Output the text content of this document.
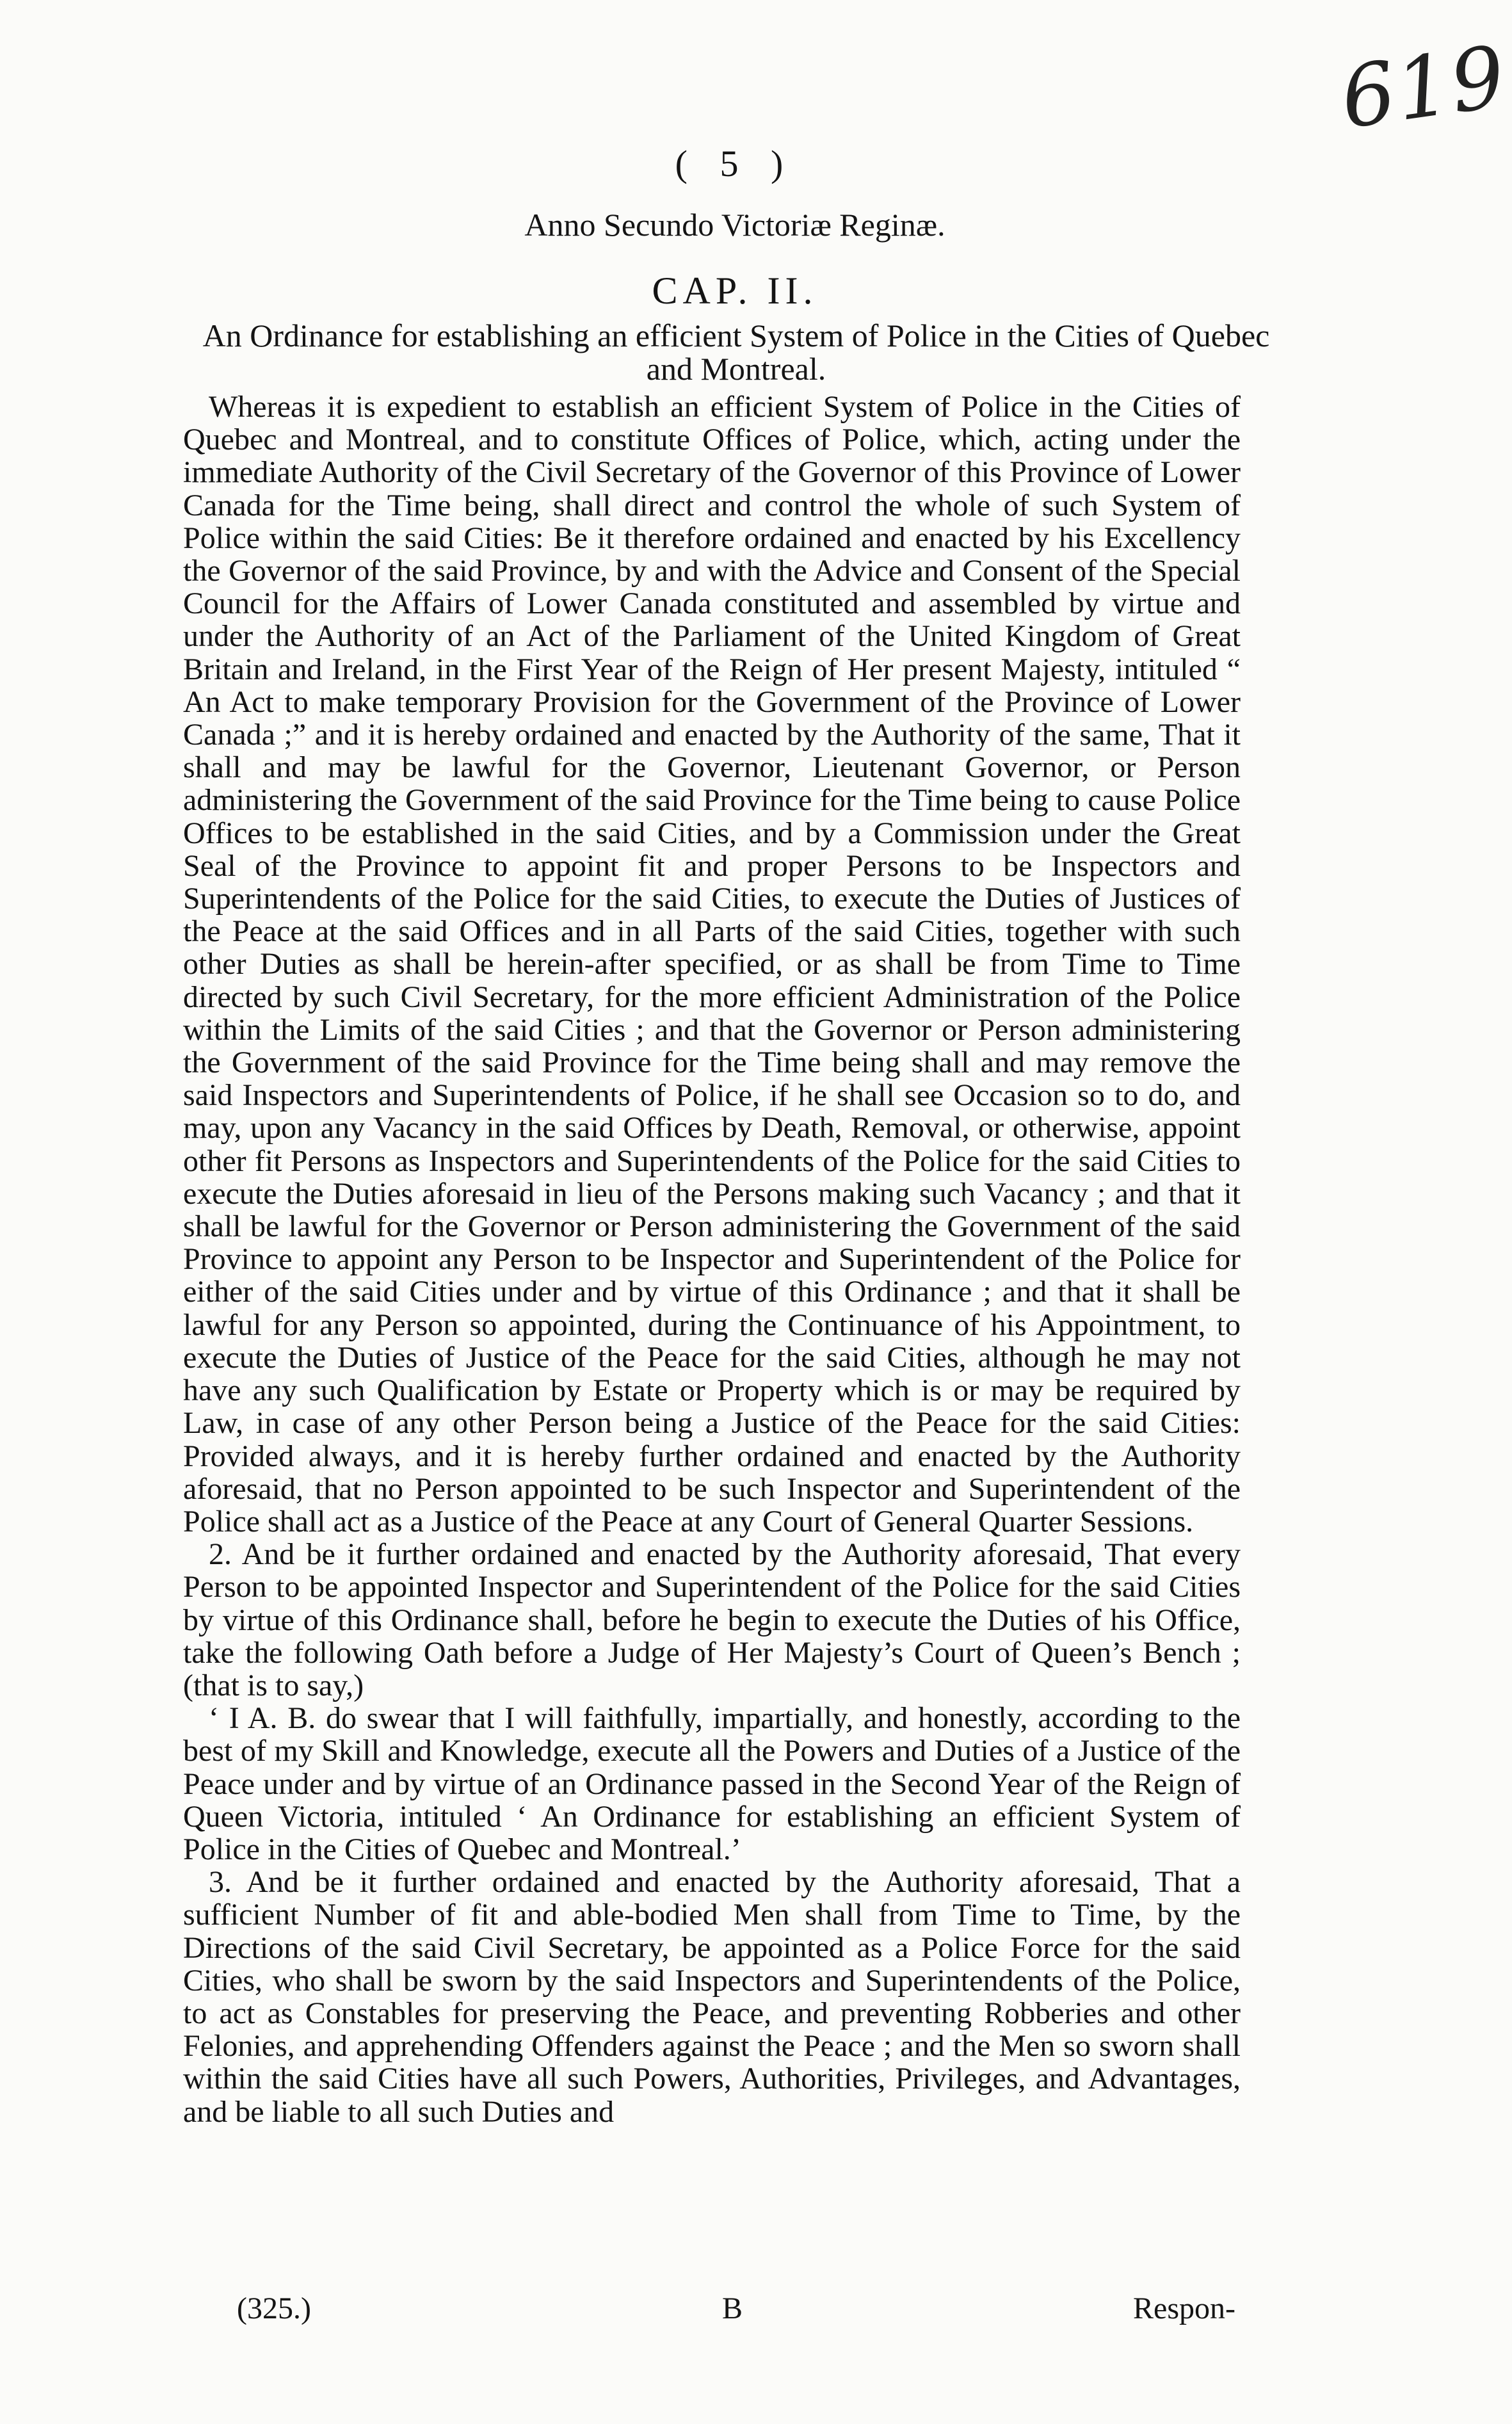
619
( 5 )
Anno Secundo Victoriæ Reginæ.
CAP. II.
An Ordinance for establishing an efficient System of Police in the Cities of Quebec and Montreal.

Whereas it is expedient to establish an efficient System of Police in the Cities of Quebec and Montreal, and to constitute Offices of Police, which, acting under the immediate Authority of the Civil Secretary of the Governor of this Province of Lower Canada for the Time being, shall direct and control the whole of such System of Police within the said Cities: Be it therefore ordained and enacted by his Excellency the Governor of the said Province, by and with the Advice and Consent of the Special Council for the Affairs of Lower Canada constituted and assembled by virtue and under the Authority of an Act of the Parliament of the United Kingdom of Great Britain and Ireland, in the First Year of the Reign of Her present Majesty, intituled “ An Act to make temporary Provision for the Government of the Province of Lower Canada ;” and it is hereby ordained and enacted by the Authority of the same, That it shall and may be lawful for the Governor, Lieutenant Governor, or Person administering the Government of the said Province for the Time being to cause Police Offices to be established in the said Cities, and by a Commission under the Great Seal of the Province to appoint fit and proper Persons to be Inspectors and Superintendents of the Police for the said Cities, to execute the Duties of Justices of the Peace at the said Offices and in all Parts of the said Cities, together with such other Duties as shall be herein-after specified, or as shall be from Time to Time directed by such Civil Secretary, for the more efficient Administration of the Police within the Limits of the said Cities ; and that the Governor or Person administering the Government of the said Province for the Time being shall and may remove the said Inspectors and Superintendents of Police, if he shall see Occasion so to do, and may, upon any Vacancy in the said Offices by Death, Removal, or otherwise, appoint other fit Persons as Inspectors and Superintendents of the Police for the said Cities to execute the Duties aforesaid in lieu of the Persons making such Vacancy ; and that it shall be lawful for the Governor or Person administering the Government of the said Province to appoint any Person to be Inspector and Superintendent of the Police for either of the said Cities under and by virtue of this Ordinance ; and that it shall be lawful for any Person so appointed, during the Continuance of his Appointment, to execute the Duties of Justice of the Peace for the said Cities, although he may not have any such Qualification by Estate or Property which is or may be required by Law, in case of any other Person being a Justice of the Peace for the said Cities: Provided always, and it is hereby further ordained and enacted by the Authority aforesaid, that no Person appointed to be such Inspector and Superintendent of the Police shall act as a Justice of the Peace at any Court of General Quarter Sessions.

2. And be it further ordained and enacted by the Authority aforesaid, That every Person to be appointed Inspector and Superintendent of the Police for the said Cities by virtue of this Ordinance shall, before he begin to execute the Duties of his Office, take the following Oath before a Judge of Her Majesty’s Court of Queen’s Bench ; (that is to say,)

‘ I A. B. do swear that I will faithfully, impartially, and honestly, according to the best of my Skill and Knowledge, execute all the Powers and Duties of a Justice of the Peace under and by virtue of an Ordinance passed in the Second Year of the Reign of Queen Victoria, intituled ‘ An Ordinance for establishing an efficient System of Police in the Cities of Quebec and Montreal.’

3. And be it further ordained and enacted by the Authority aforesaid, That a sufficient Number of fit and able-bodied Men shall from Time to Time, by the Directions of the said Civil Secretary, be appointed as a Police Force for the said Cities, who shall be sworn by the said Inspectors and Superintendents of the Police, to act as Constables for preserving the Peace, and preventing Robberies and other Felonies, and apprehending Offenders against the Peace ; and the Men so sworn shall within the said Cities have all such Powers, Authorities, Privileges, and Advantages, and be liable to all such Duties and

(325.)	B	Respon-
